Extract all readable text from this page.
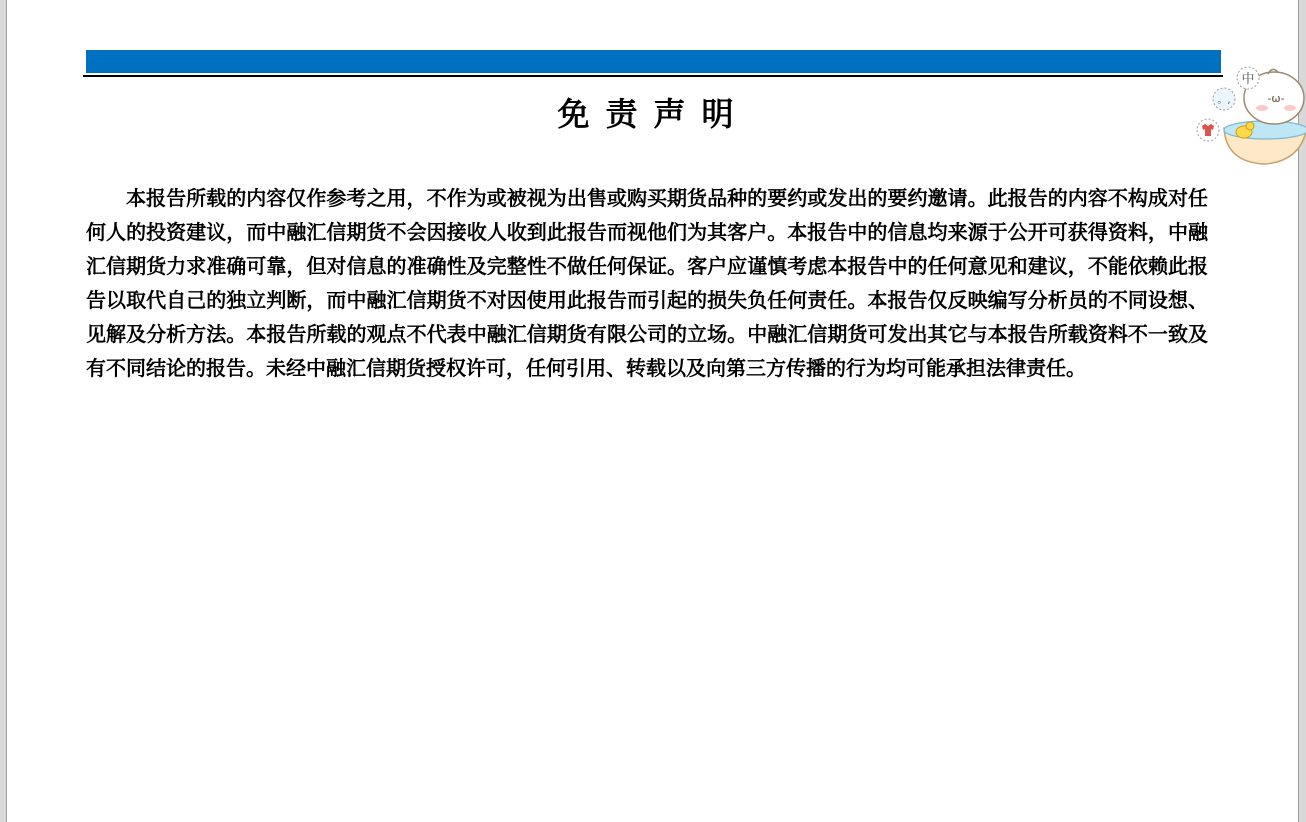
免责声明

本报告所载的内容仅作参考之用，不作为或被视为出售或购买期货品种的要约或发出的要约邀请。此报告的内容不构成对任何人的投资建议，而中融汇信期货不会因接收人收到此报告而视他们为其客户。本报告中的信息均来源于公开可获得资料，中融汇信期货力求准确可靠，但对信息的准确性及完整性不做任何保证。客户应谨慎考虑本报告中的任何意见和建议，不能依赖此报告以取代自己的独立判断，而中融汇信期货不对因使用此报告而引起的损失负任何责任。本报告仅反映编写分析员的不同设想、见解及分析方法。本报告所载的观点不代表中融汇信期货有限公司的立场。中融汇信期货可发出其它与本报告所载资料不一致及有不同结论的报告。未经中融汇信期货授权许可，任何引用、转载以及向第三方传播的行为均可能承担法律责任。

-ω-
中
。,
